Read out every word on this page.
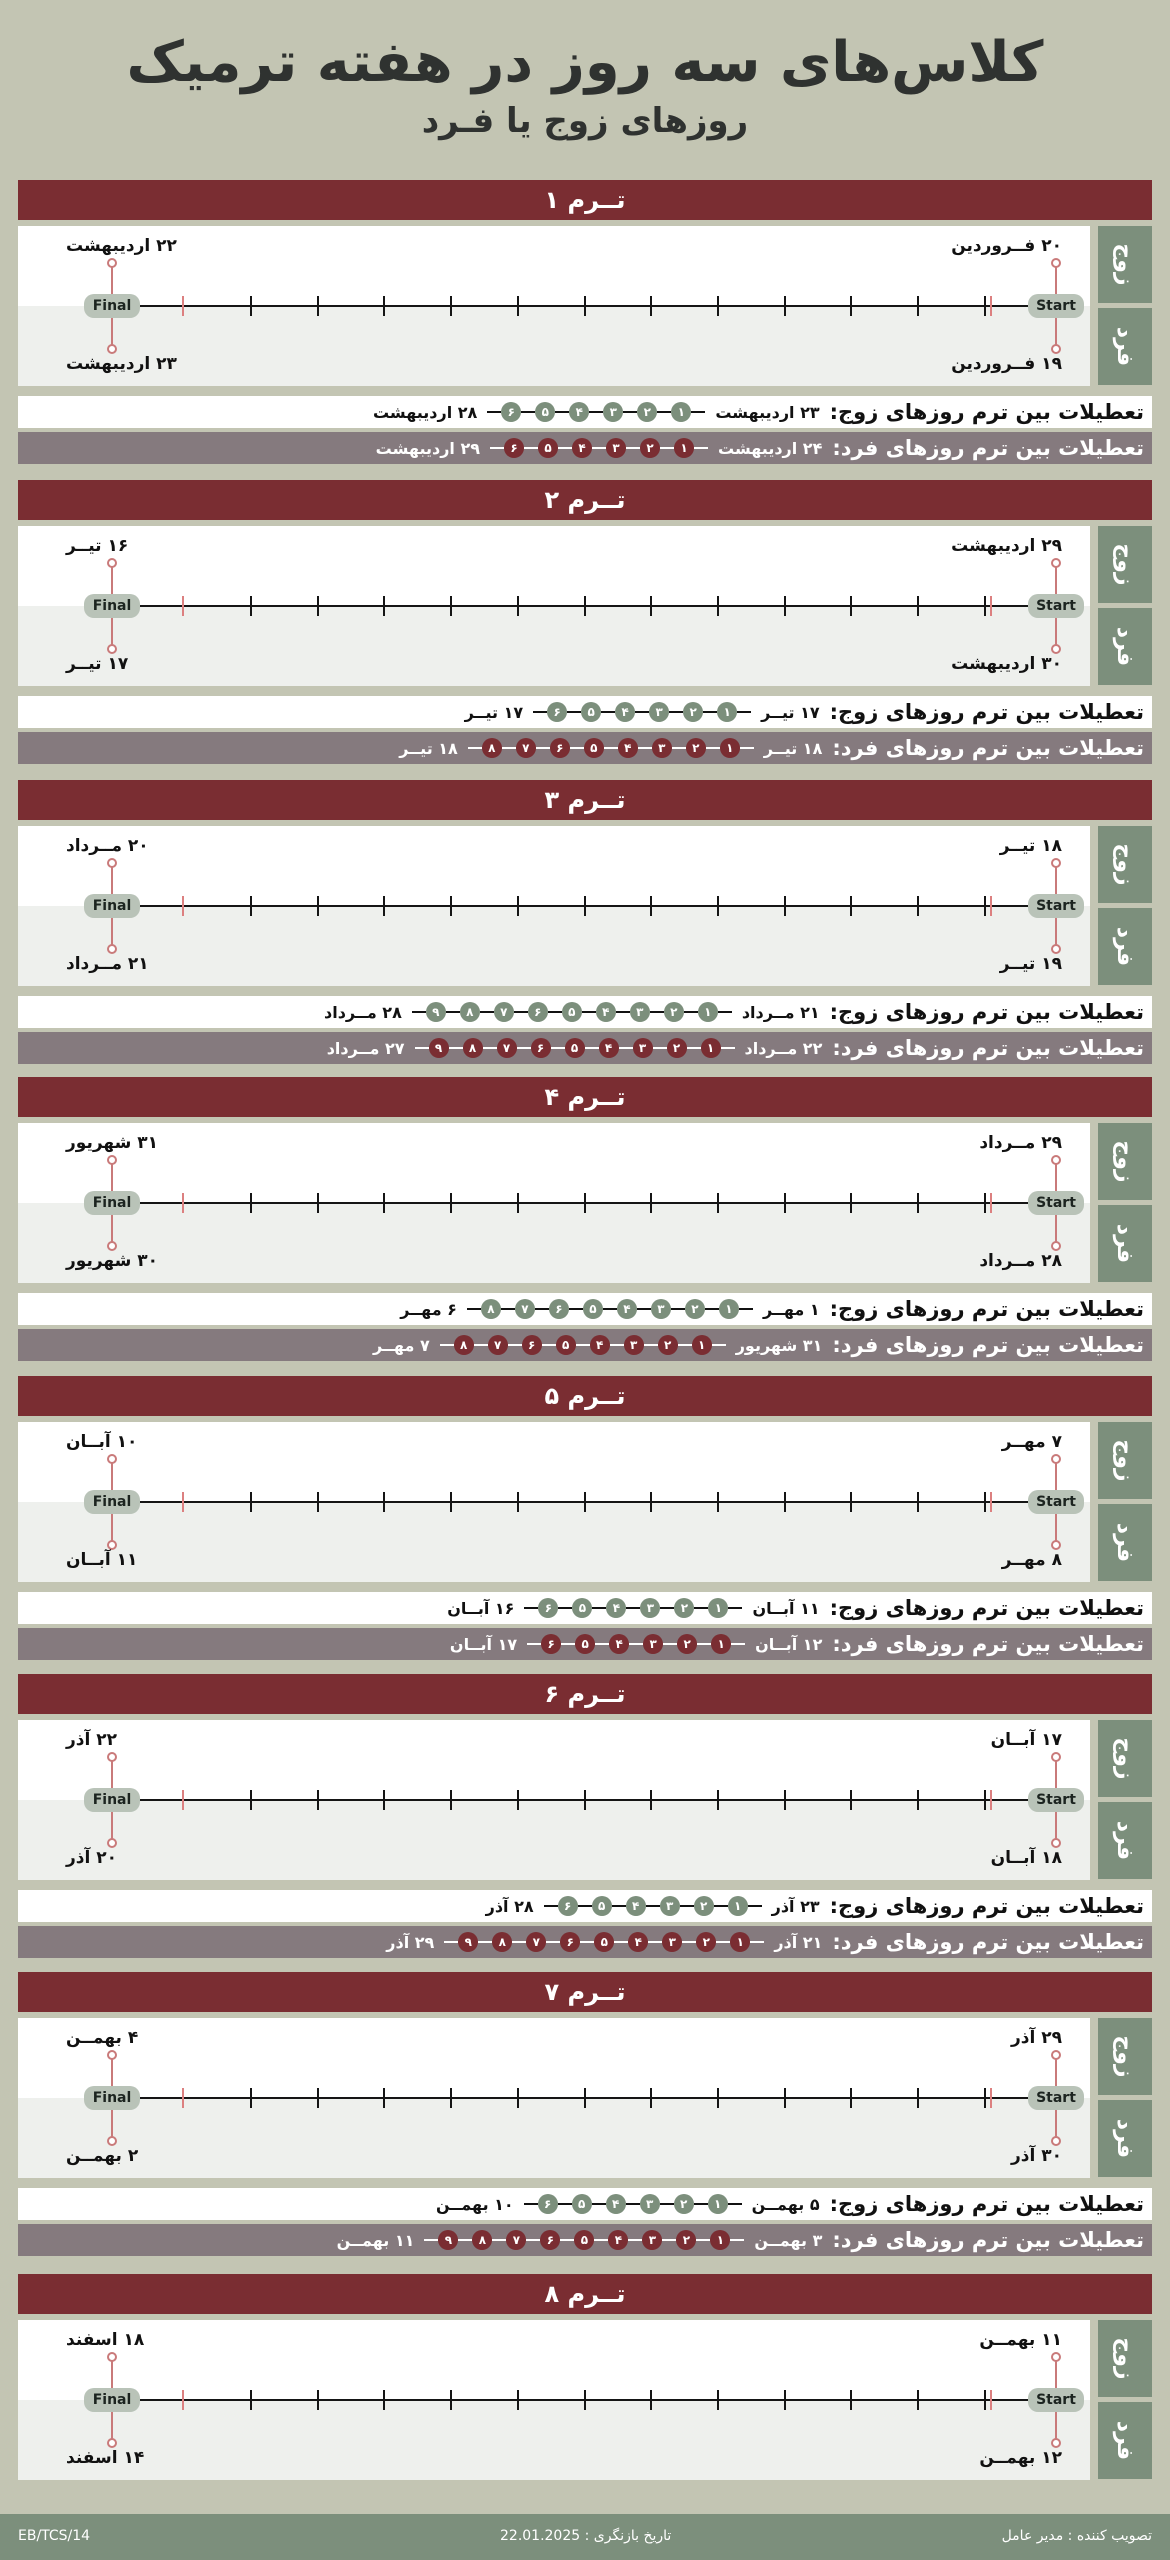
کلاس‌های سه روز در هفته ترمیک
روزهای زوج یا فـرد
تــرم ۱
زوج
فرد
Final	Start
۲۲ اردیبهشت
۲۳ اردیبهشت
۲۰ فــروردین
۱۹ فــروردین
تعطیلات بین ترم روزهای زوج:
۲۳ اردیبهشت
۱
۲
۳
۴
۵
۶
۲۸ اردیبهشت
تعطیلات بین ترم روزهای فرد:
۲۴ اردیبهشت
۱
۲
۳
۴
۵
۶
۲۹ اردیبهشت
تــرم ۲
زوج
فرد
Final	Start
۱۶ تیــر
۱۷ تیــر
۲۹ اردیبهشت
۳۰ اردیبهشت
تعطیلات بین ترم روزهای زوج:
۱۷ تیــر
۱
۲
۳
۴
۵
۶
۱۷ تیــر
تعطیلات بین ترم روزهای فرد:
۱۸ تیــر
۱
۲
۳
۴
۵
۶
۷
۸
۱۸ تیــر
تــرم ۳
زوج
فرد
Final	Start
۲۰ مــرداد
۲۱ مــرداد
۱۸ تیــر
۱۹ تیــر
تعطیلات بین ترم روزهای زوج:
۲۱ مــرداد
۱
۲
۳
۴
۵
۶
۷
۸
۹
۲۸ مــرداد
تعطیلات بین ترم روزهای فرد:
۲۲ مــرداد
۱
۲
۳
۴
۵
۶
۷
۸
۹
۲۷ مــرداد
تــرم ۴
زوج
فرد
Final	Start
۳۱ شهریور
۳۰ شهریور
۲۹ مــرداد
۲۸ مــرداد
تعطیلات بین ترم روزهای زوج:
۱ مهــر
۱
۲
۳
۴
۵
۶
۷
۸
۶ مهــر
تعطیلات بین ترم روزهای فرد:
۳۱ شهریور
۱
۲
۳
۴
۵
۶
۷
۸
۷ مهــر
تــرم ۵
زوج
فرد
Final	Start
۱۰ آبــان
۱۱ آبــان
۷ مهــر
۸ مهــر
تعطیلات بین ترم روزهای زوج:
۱۱ آبــان
۱
۲
۳
۴
۵
۶
۱۶ آبــان
تعطیلات بین ترم روزهای فرد:
۱۲ آبــان
۱
۲
۳
۴
۵
۶
۱۷ آبــان
تــرم ۶
زوج
فرد
Final	Start
۲۲ آذر
۲۰ آذر
۱۷ آبــان
۱۸ آبــان
تعطیلات بین ترم روزهای زوج:
۲۳ آذر
۱
۲
۳
۴
۵
۶
۲۸ آذر
تعطیلات بین ترم روزهای فرد:
۲۱ آذر
۱
۲
۳
۴
۵
۶
۷
۸
۹
۲۹ آذر
تــرم ۷
زوج
فرد
Final	Start
۴ بهمــن
۲ بهمــن
۲۹ آذر
۳۰ آذر
تعطیلات بین ترم روزهای زوج:
۵ بهمــن
۱
۲
۳
۴
۵
۶
۱۰ بهمــن
تعطیلات بین ترم روزهای فرد:
۳ بهمــن
۱
۲
۳
۴
۵
۶
۷
۸
۹
۱۱ بهمــن
تــرم ۸
زوج
فرد
Final	Start
۱۸ اسفند
۱۴ اسفند
۱۱ بهمــن
۱۲ بهمــن
EB/TCS/14	تاریخ بازنگری : 22.01.2025	تصویب کننده : مدیر عامل
